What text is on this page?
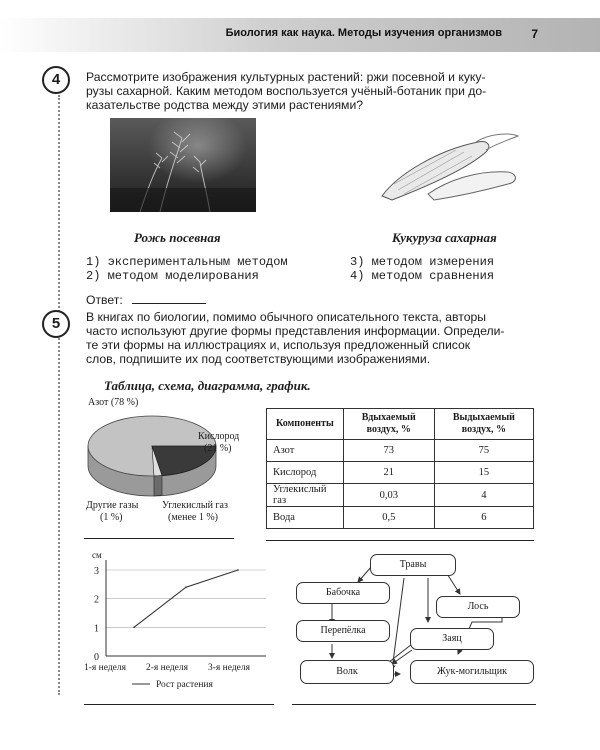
Биология как наука. Методы изучения организмов 7
4	Рассмотрите изображения культурных растений: ржи посевной и куку-
рузы сахарной. Каким методом воспользуется учёный-ботаник при до-
казательстве родства между этими растениями?
Рожь посевная	Кукуруза сахарная
1) экспериментальным методом
2) методом моделирования
3) методом измерения
4) методом сравнения
Ответ:
5	В книгах по биологии, помимо обычного описательного текста, авторы
часто используют другие формы представления информации. Определи-
те эти формы на иллюстрациях и, используя предложенный список
слов, подпишите их под соответствующими изображениями.
Таблица, схема, диаграмма, график.
Азот (78 %)
Кислород
(21 %)
Другие газы
(1 %)
Углекислый газ
(менее 1 %)
Компоненты	Вдыхаемый воздух, %	Выдыхаемый воздух, %
Азот	73	75
Кислород	21	15
Углекислый газ	0,03	4
Вода	0,5	6
0
1
2
3
см
1-я неделя 2-я неделя 3-я неделя
Рост растения
Травы
Бабочка
Лось
Перепёлка
Заяц
Волк	Жук-могильщик
